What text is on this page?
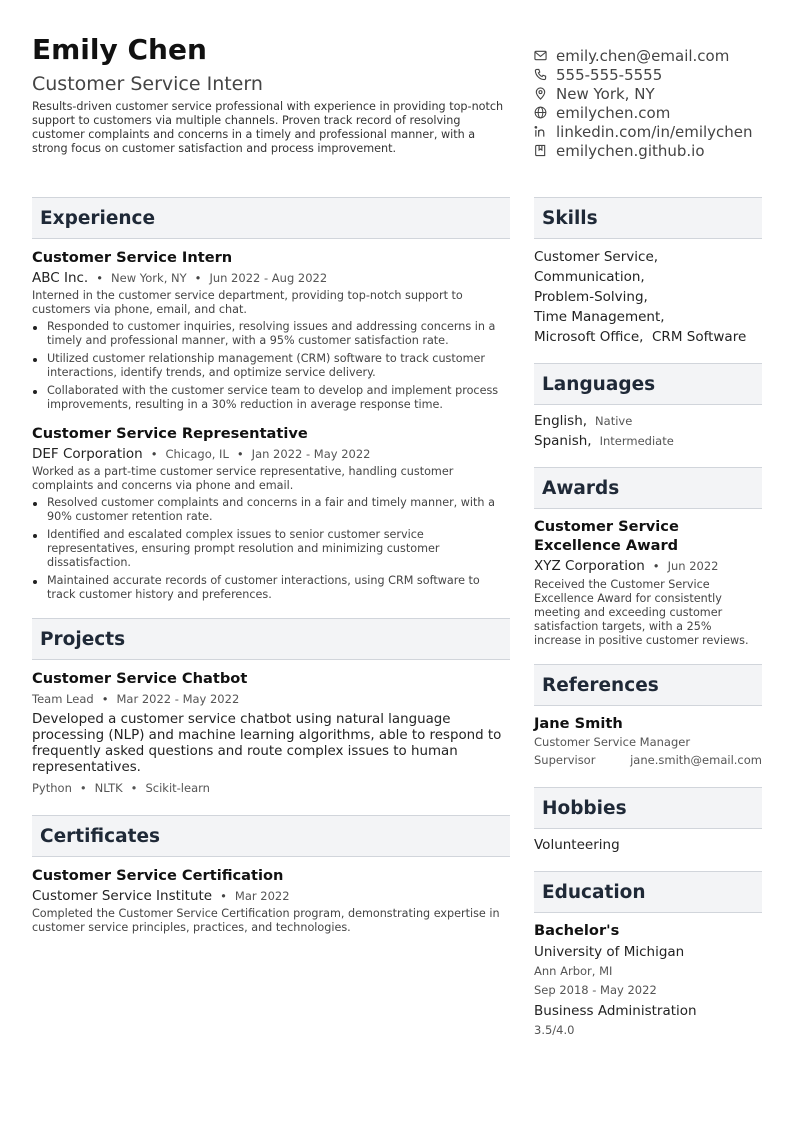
Emily Chen
Customer Service Intern
Results-driven customer service professional with experience in providing top-notch support to customers via multiple channels. Proven track record of resolving customer complaints and concerns in a timely and professional manner, with a strong focus on customer satisfaction and process improvement.
emily.chen@email.com
555-555-5555
New York, NY
emilychen.com
linkedin.com/in/emilychen
emilychen.github.io
Experience
Customer Service Intern
ABC Inc. • New York, NY • Jun 2022 - Aug 2022
Interned in the customer service department, providing top-notch support to customers via phone, email, and chat.
Responded to customer inquiries, resolving issues and addressing concerns in a timely and professional manner, with a 95% customer satisfaction rate.
Utilized customer relationship management (CRM) software to track customer interactions, identify trends, and optimize service delivery.
Collaborated with the customer service team to develop and implement process improvements, resulting in a 30% reduction in average response time.
Customer Service Representative
DEF Corporation • Chicago, IL • Jan 2022 - May 2022
Worked as a part-time customer service representative, handling customer complaints and concerns via phone and email.
Resolved customer complaints and concerns in a fair and timely manner, with a 90% customer retention rate.
Identified and escalated complex issues to senior customer service representatives, ensuring prompt resolution and minimizing customer dissatisfaction.
Maintained accurate records of customer interactions, using CRM software to track customer history and preferences.
Projects
Customer Service Chatbot
Team Lead • Mar 2022 - May 2022
Developed a customer service chatbot using natural language processing (NLP) and machine learning algorithms, able to respond to frequently asked questions and route complex issues to human representatives.
Python • NLTK • Scikit-learn
Certificates
Customer Service Certification
Customer Service Institute • Mar 2022
Completed the Customer Service Certification program, demonstrating expertise in customer service principles, practices, and technologies.
Skills
Customer Service,
Communication,
Problem-Solving,
Time Management,
Microsoft Office,  CRM Software
Languages
English, Native
Spanish, Intermediate
Awards
Customer Service Excellence Award
XYZ Corporation • Jun 2022
Received the Customer Service Excellence Award for consistently meeting and exceeding customer satisfaction targets, with a 25% increase in positive customer reviews.
References
Jane Smith
Customer Service Manager
Supervisor	jane.smith@email.com
Hobbies
Volunteering
Education
Bachelor's
University of Michigan
Ann Arbor, MI
Sep 2018 - May 2022
Business Administration
3.5/4.0
